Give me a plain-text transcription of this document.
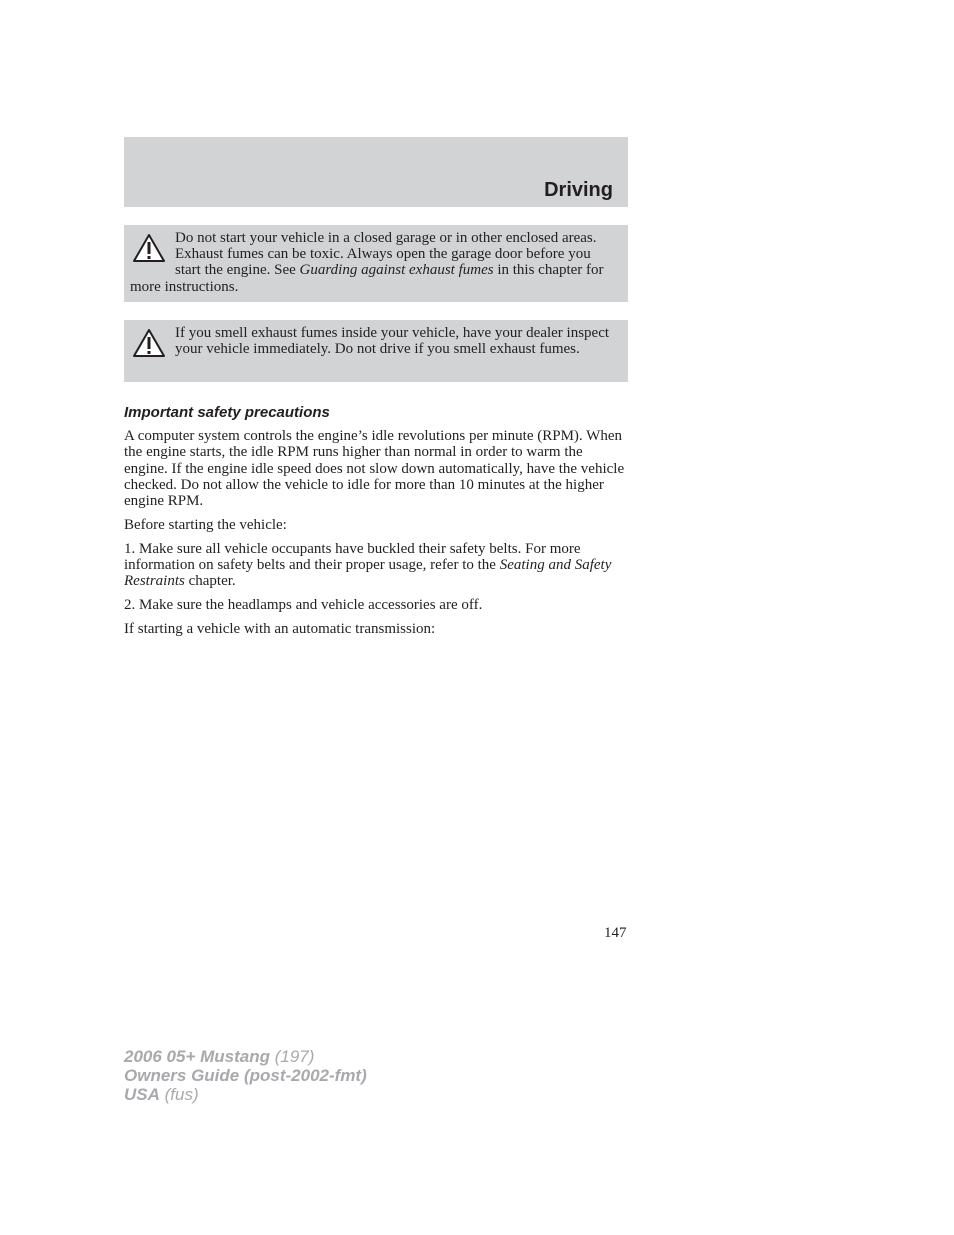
Driving

Do not start your vehicle in a closed garage or in other enclosed areas. Exhaust fumes can be toxic. Always open the garage door before you start the engine. See Guarding against exhaust fumes in this chapter for more instructions.

If you smell exhaust fumes inside your vehicle, have your dealer inspect your vehicle immediately. Do not drive if you smell exhaust fumes.

Important safety precautions

A computer system controls the engine’s idle revolutions per minute (RPM). When the engine starts, the idle RPM runs higher than normal in order to warm the engine. If the engine idle speed does not slow down automatically, have the vehicle checked. Do not allow the vehicle to idle for more than 10 minutes at the higher engine RPM.

Before starting the vehicle:

1. Make sure all vehicle occupants have buckled their safety belts. For more information on safety belts and their proper usage, refer to the Seating and Safety Restraints chapter.

2. Make sure the headlamps and vehicle accessories are off.

If starting a vehicle with an automatic transmission:

147
2006 05+ Mustang (197)
Owners Guide (post-2002-fmt)
USA (fus)
